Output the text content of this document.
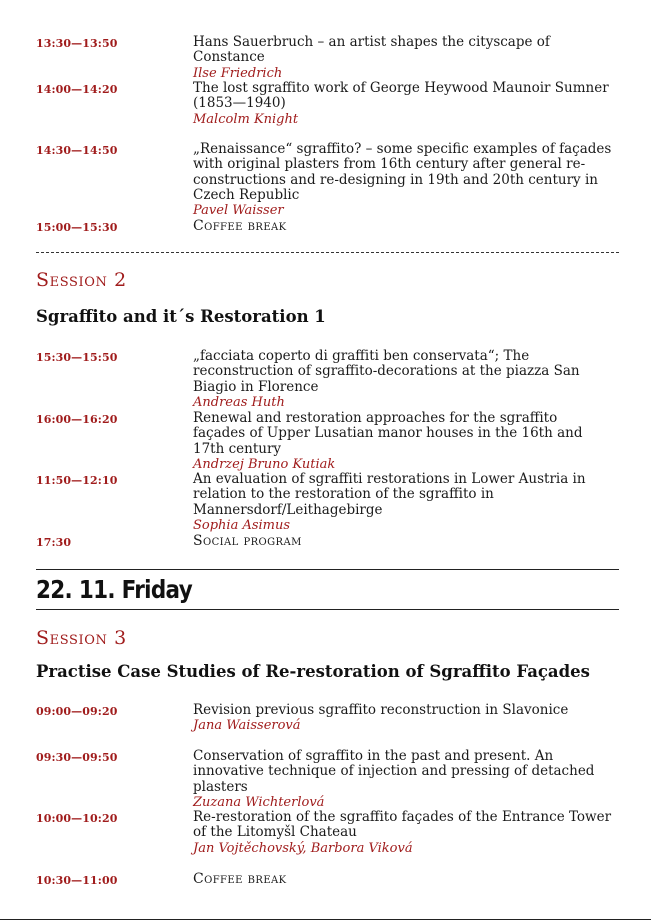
13:30—13:50	Hans Sauerbruch – an artist shapes the cityscape of Constance
Ilse Friedrich
14:00—14:20	The lost sgraffito work of George Heywood Maunoir Sumner (1853—1940)
Malcolm Knight
14:30—14:50	„Renaissance“ sgraffito? – some specific examples of façades with original plasters from 16th century after general re-constructions and re-designing in 19th and 20th century in Czech Republic
Pavel Waisser
15:00—15:30	Coffee break
Session 2
Sgraffito and it´s Restoration 1
15:30—15:50	„facciata coperto di graffiti ben conservata“; The reconstruction of sgraffito-decorations at the piazza San Biagio in Florence
Andreas Huth
16:00—16:20	Renewal and restoration approaches for the sgraffito façades of Upper Lusatian manor houses in the 16th and 17th century
Andrzej Bruno Kutiak
11:50—12:10	An evaluation of sgraffiti restorations in Lower Austria in relation to the restoration of the sgraffito in Mannersdorf/Leithagebirge
Sophia Asimus
17:30	Social program
22. 11. Friday
Session 3
Practise Case Studies of Re-restoration of Sgraffito Façades
09:00—09:20	Revision previous sgraffito reconstruction in Slavonice
Jana Waisserová
09:30—09:50	Conservation of sgraffito in the past and present. An innovative technique of injection and pressing of detached plasters
Zuzana Wichterlová
10:00—10:20	Re-restoration of the sgraffito façades of the Entrance Tower of the Litomyšl Chateau
Jan Vojtěchovský, Barbora Viková
10:30—11:00	Coffee break
